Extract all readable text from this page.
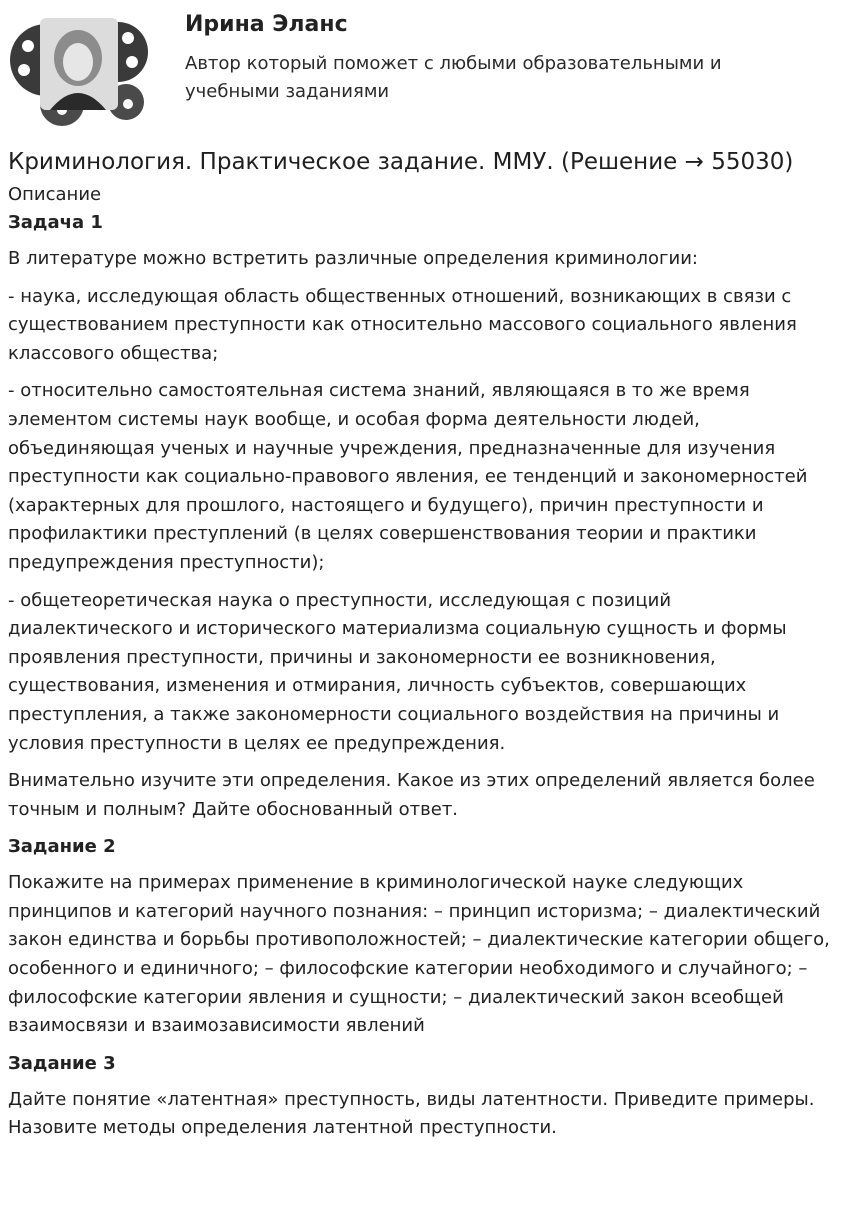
Ирина Эланс

Автор который поможет с любыми образовательными и учебными заданиями

Криминология. Практическое задание. ММУ. (Решение → 55030)
Описание
Задача 1

В литературе можно встретить различные определения криминологии:

- наука, исследующая область общественных отношений, возникающих в связи с существованием преступности как относительно массового социального явления классового общества;

- относительно самостоятельная система знаний, являющаяся в то же время элементом системы наук вообще, и особая форма деятельности людей, объединяющая ученых и научные учреждения, предназначенные для изучения преступности как социально-правового явления, ее тенденций и закономерностей (характерных для прошлого, настоящего и будущего), причин преступности и профилактики преступлений (в целях совершенствования теории и практики предупреждения преступности);

- общетеоретическая наука о преступности, исследующая с позиций диалектического и исторического материализма социальную сущность и формы проявления преступности, причины и закономерности ее возникновения, существования, изменения и отмирания, личность субъектов, совершающих преступления, а также закономерности социального воздействия на причины и условия преступности в целях ее предупреждения.

Внимательно изучите эти определения. Какое из этих определений является более точным и полным? Дайте обоснованный ответ.

Задание 2

Покажите на примерах применение в криминологической науке следующих принципов и категорий научного познания: – принцип историзма; – диалектический закон единства и борьбы противоположностей; – диалектические категории общего, особенного и единичного; – философские категории необходимого и случайного; – философские категории явления и сущности; – диалектический закон всеобщей взаимосвязи и взаимозависимости явлений

Задание 3

Дайте понятие «латентная» преступность, виды латентности. Приведите примеры. Назовите методы определения латентной преступности.
